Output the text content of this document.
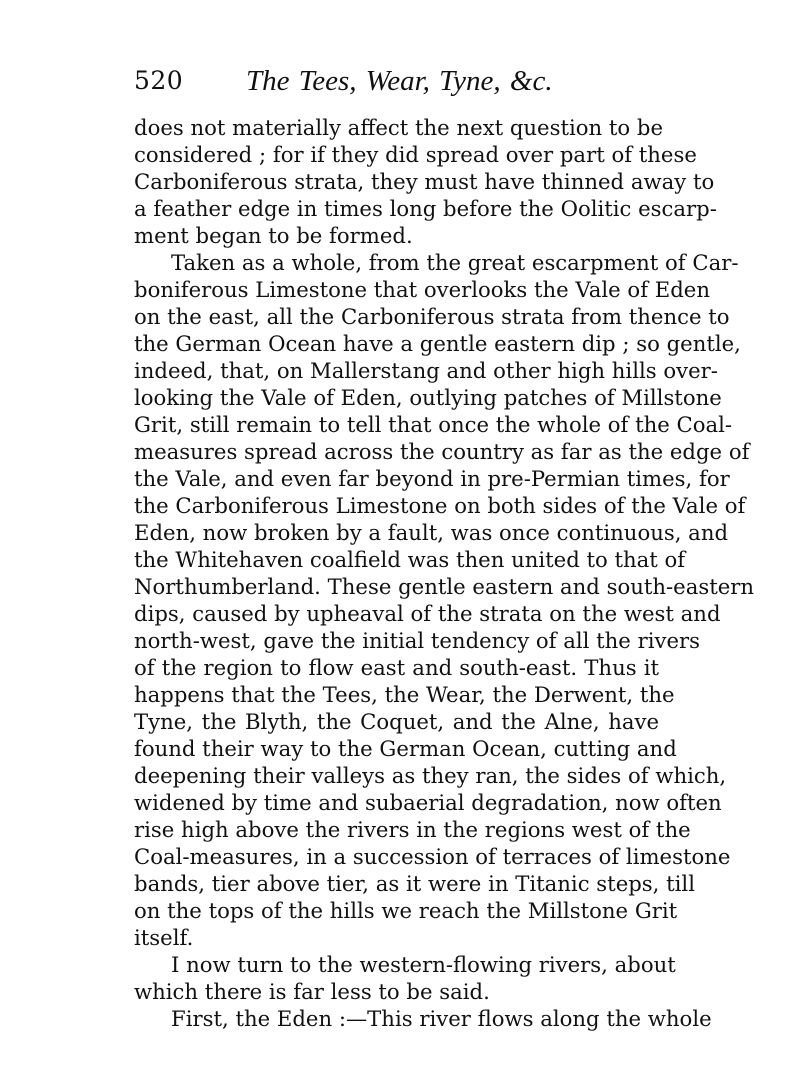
520 The Tees, Wear, Tyne, &c.
does not materially affect the next question to be
considered ; for if they did spread over part of these
Carboniferous strata, they must have thinned away to
a feather edge in times long before the Oolitic escarp-
ment began to be formed.
Taken as a whole, from the great escarpment of Car-
boniferous Limestone that overlooks the Vale of Eden
on the east, all the Carboniferous strata from thence to
the German Ocean have a gentle eastern dip ; so gentle,
indeed, that, on Mallerstang and other high hills over-
looking the Vale of Eden, outlying patches of Millstone
Grit, still remain to tell that once the whole of the Coal-
measures spread across the country as far as the edge of
the Vale, and even far beyond in pre-Permian times, for
the Carboniferous Limestone on both sides of the Vale of
Eden, now broken by a fault, was once continuous, and
the Whitehaven coalfield was then united to that of
Northumberland. These gentle eastern and south-eastern
dips, caused by upheaval of the strata on the west and
north-west, gave the initial tendency of all the rivers
of the region to flow east and south-east. Thus it
happens that the Tees, the Wear, the Derwent, the
Tyne, the Blyth, the Coquet, and the Alne, have
found their way to the German Ocean, cutting and
deepening their valleys as they ran, the sides of which,
widened by time and subaerial degradation, now often
rise high above the rivers in the regions west of the
Coal-measures, in a succession of terraces of limestone
bands, tier above tier, as it were in Titanic steps, till
on the tops of the hills we reach the Millstone Grit
itself.
I now turn to the western-flowing rivers, about
which there is far less to be said.
First, the Eden :—This river flows along the whole
